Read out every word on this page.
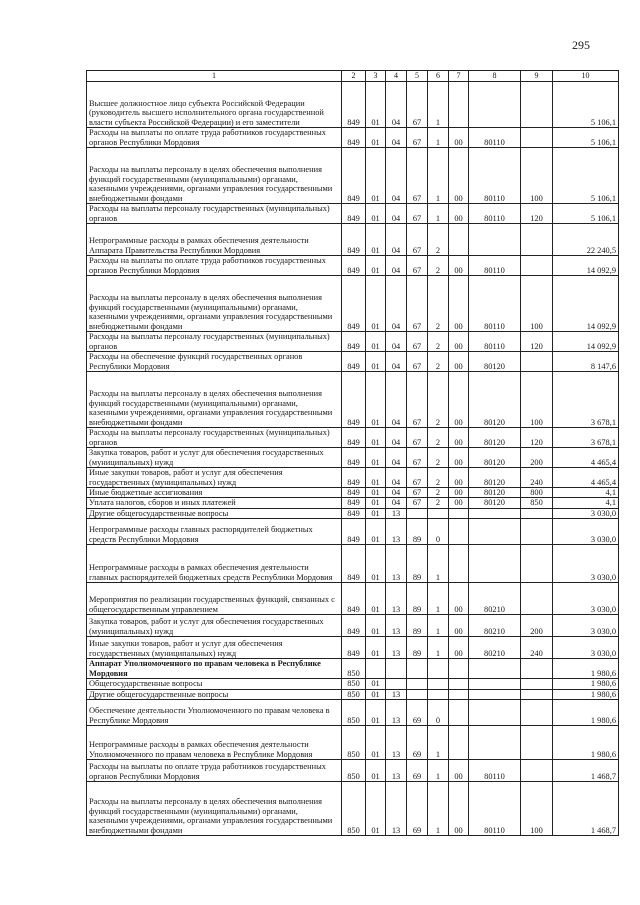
295
1	2	3	4	5	6	7	8	9	10
Высшее должностное лицо субъекта Российской Федерации (руководитель высшего исполнительного органа государственной власти субъекта Российской Федерации) и его заместители	849	01	04	67	1				5 106,1
Расходы на выплаты по оплате труда работников государственных органов Республики Мордовия	849	01	04	67	1	00	80110		5 106,1
Расходы на выплаты персоналу в целях обеспечения выполнения функций государственными (муниципальными) органами, казенными учреждениями, органами управления государственными внебюджетными фондами	849	01	04	67	1	00	80110	100	5 106,1
Расходы на выплаты персоналу государственных (муниципальных) органов	849	01	04	67	1	00	80110	120	5 106,1
Непрограммные расходы в рамках обеспечения деятельности Аппарата Правительства Республики Мордовия	849	01	04	67	2				22 240,5
Расходы на выплаты по оплате труда работников государственных органов Республики Мордовия	849	01	04	67	2	00	80110		14 092,9
Расходы на выплаты персоналу в целях обеспечения выполнения функций государственными (муниципальными) органами, казенными учреждениями, органами управления государственными внебюджетными фондами	849	01	04	67	2	00	80110	100	14 092,9
Расходы на выплаты персоналу государственных (муниципальных) органов	849	01	04	67	2	00	80110	120	14 092,9
Расходы на обеспечение функций государственных органов Республики Мордовия	849	01	04	67	2	00	80120		8 147,6
Расходы на выплаты персоналу в целях обеспечения выполнения функций государственными (муниципальными) органами, казенными учреждениями, органами управления государственными внебюджетными фондами	849	01	04	67	2	00	80120	100	3 678,1
Расходы на выплаты персоналу государственных (муниципальных) органов	849	01	04	67	2	00	80120	120	3 678,1
Закупка товаров, работ и услуг для обеспечения государственных (муниципальных) нужд	849	01	04	67	2	00	80120	200	4 465,4
Иные закупки товаров, работ и услуг для обеспечения государственных (муниципальных) нужд	849	01	04	67	2	00	80120	240	4 465,4
Иные бюджетные ассигнования	849	01	04	67	2	00	80120	800	4,1
Уплата налогов, сборов и иных платежей	849	01	04	67	2	00	80120	850	4,1
Другие общегосударственные вопросы	849	01	13						3 030,0
Непрограммные расходы главных распорядителей бюджетных средств Республики Мордовия	849	01	13	89	0				3 030,0
Непрограммные расходы в рамках обеспечения деятельности главных распорядителей бюджетных средств Республики Мордовия	849	01	13	89	1				3 030,0
Мероприятия по реализации государственных функций, связанных с общегосударственным управлением	849	01	13	89	1	00	80210		3 030,0
Закупка товаров, работ и услуг для обеспечения государственных (муниципальных) нужд	849	01	13	89	1	00	80210	200	3 030,0
Иные закупки товаров, работ и услуг для обеспечения государственных (муниципальных) нужд	849	01	13	89	1	00	80210	240	3 030,0
Аппарат Уполномоченного по правам человека в Республике Мордовия	850								1 980,6
Общегосударственные вопросы	850	01							1 980,6
Другие общегосударственные вопросы	850	01	13						1 980,6
Обеспечение деятельности Уполномоченного по правам человека в Республике Мордовия	850	01	13	69	0				1 980,6
Непрограммные расходы в рамках обеспечения деятельности Уполномоченного по правам человека в Республике Мордовия	850	01	13	69	1				1 980,6
Расходы на выплаты по оплате труда работников государственных органов Республики Мордовия	850	01	13	69	1	00	80110		1 468,7
Расходы на выплаты персоналу в целях обеспечения выполнения функций государственными (муниципальными) органами, казенными учреждениями, органами управления государственными внебюджетными фондами	850	01	13	69	1	00	80110	100	1 468,7
